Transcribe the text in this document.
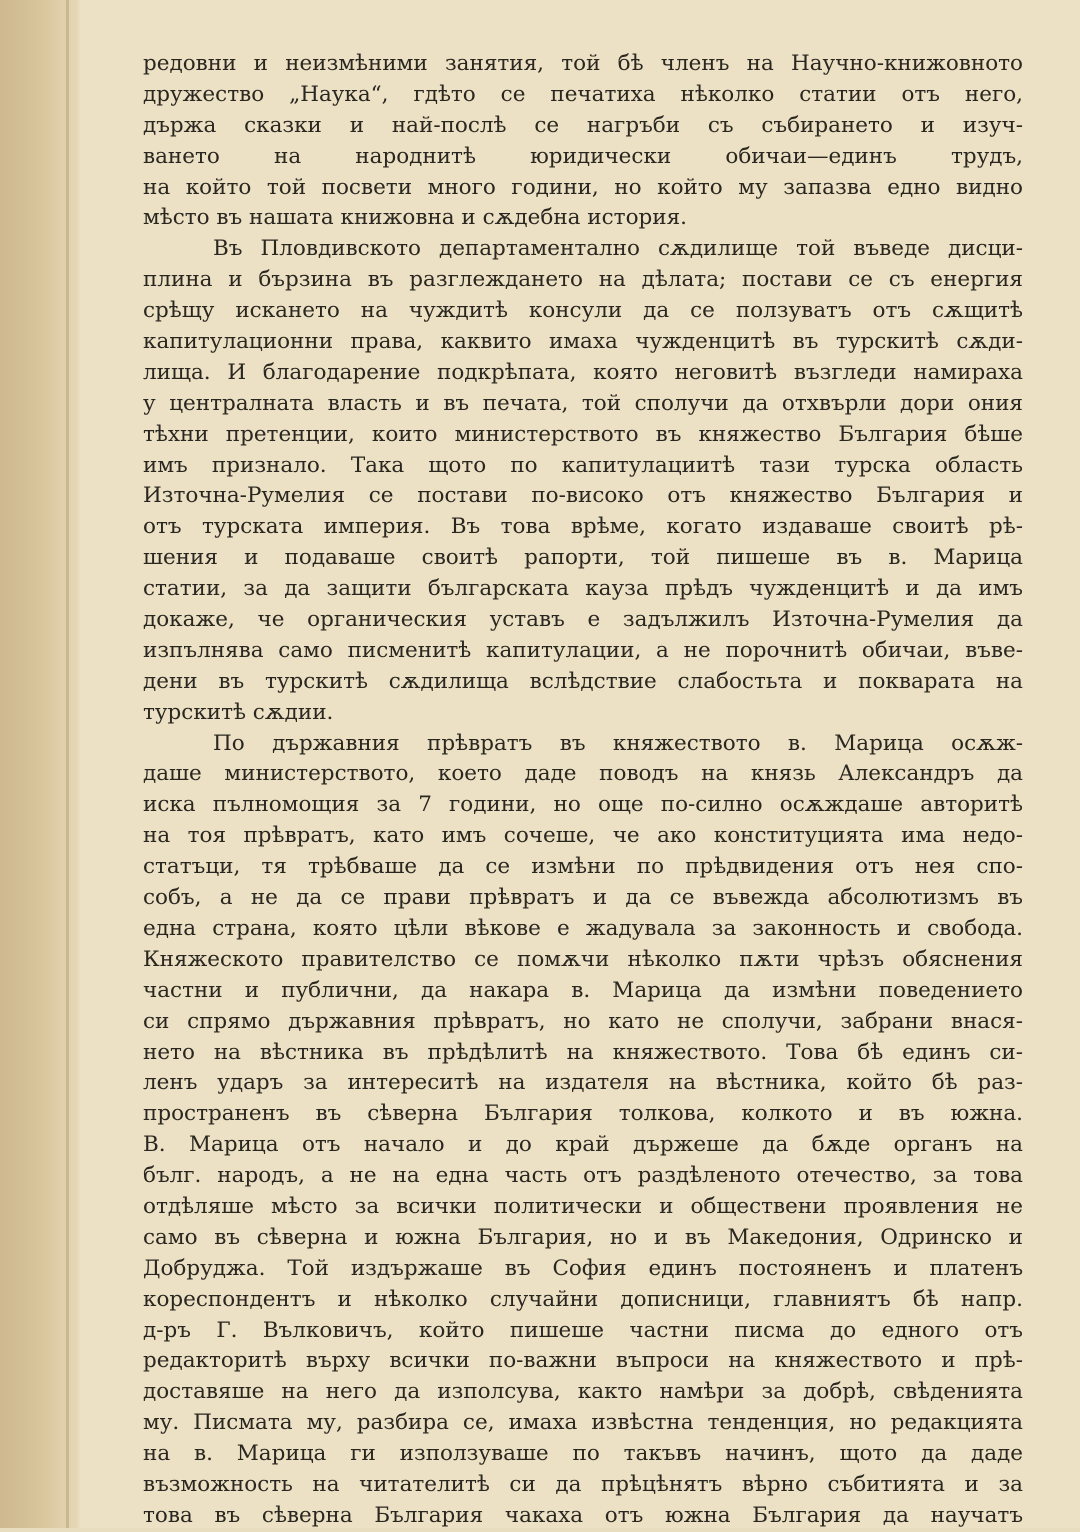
редовни и неизмѣними занятия, той бѣ членъ на Научно-книжовното
дружество „Наука“, гдѣто се печатиха нѣколко статии отъ него,
държа сказки и най-послѣ се нагръби съ събирането и изуч-
ването на народнитѣ юридически обичаи—единъ трудъ,
на който той посвети много години, но който му запазва едно видно
мѣсто въ нашата книжовна и сѫдебна история.
Въ Пловдивското департаментално сѫдилище той въведе дисци-
плина и бързина въ разглеждането на дѣлата; постави се съ енергия
срѣщу искането на чуждитѣ консули да се ползуватъ отъ сѫщитѣ
капитулационни права, каквито имаха чужденцитѣ въ турскитѣ сѫди-
лища. И благодарение подкрѣпата, която неговитѣ възгледи намираха
у централната власть и въ печата, той сполучи да отхвърли дори ония
тѣхни претенции, които министерството въ княжество България бѣше
имъ признало. Така щото по капитулациитѣ тази турска область
Източна-Румелия се постави по-високо отъ княжество България и
отъ турската империя. Въ това врѣме, когато издаваше своитѣ рѣ-
шения и подаваше своитѣ рапорти, той пишеше въ в. Марица
статии, за да защити българската кауза прѣдъ чужденцитѣ и да имъ
докаже, че органическия уставъ е задължилъ Източна-Румелия да
изпълнява само писменитѣ капитулации, а не порочнитѣ обичаи, въве-
дени въ турскитѣ сѫдилища вслѣдствие слабостьта и покварата на
турскитѣ сѫдии.
По държавния прѣвратъ въ княжеството в. Марица осѫж-
даше министерството, което даде поводъ на князь Александръ да
иска пълномощия за 7 години, но още по-силно осѫждаше авторитѣ
на тоя прѣвратъ, като имъ сочеше, че ако конституцията има недо-
статъци, тя трѣбваше да се измѣни по прѣдвидения отъ нея спо-
собъ, а не да се прави прѣвратъ и да се въвежда абсолютизмъ въ
една страна, която цѣли вѣкове е жадувала за законность и свобода.
Княжеското правителство се помѫчи нѣколко пѫти чрѣзъ обяснения
частни и публични, да накара в. Марица да измѣни поведението
си спрямо държавния прѣвратъ, но като не сполучи, забрани внася-
нето на вѣстника въ прѣдѣлитѣ на княжеството. Това бѣ единъ си-
ленъ ударъ за интереситѣ на издателя на вѣстника, който бѣ раз-
пространенъ въ сѣверна България толкова, колкото и въ южна.
В. Марица отъ начало и до край държеше да бѫде органъ на
бълг. народъ, а не на една часть отъ раздѣленото отечество, за това
отдѣляше мѣсто за всички политически и обществени проявления не
само въ сѣверна и южна България, но и въ Македония, Одринско и
Добруджа. Той издържаше въ София единъ постояненъ и платенъ
кореспондентъ и нѣколко случайни дописници, главниятъ бѣ напр.
д-ръ Г. Вълковичъ, който пишеше частни писма до едного отъ
редакторитѣ върху всички по-важни въпроси на княжеството и прѣ-
доставяше на него да изполсува, както намѣри за добрѣ, свѣденията
му. Писмата му, разбира се, имаха извѣстна тенденция, но редакцията
на в. Марица ги използуваше по такъвъ начинъ, щото да даде
възможность на читателитѣ си да прѣцѣнятъ вѣрно събитията и за
това въ сѣверна България чакаха отъ южна България да научатъ
